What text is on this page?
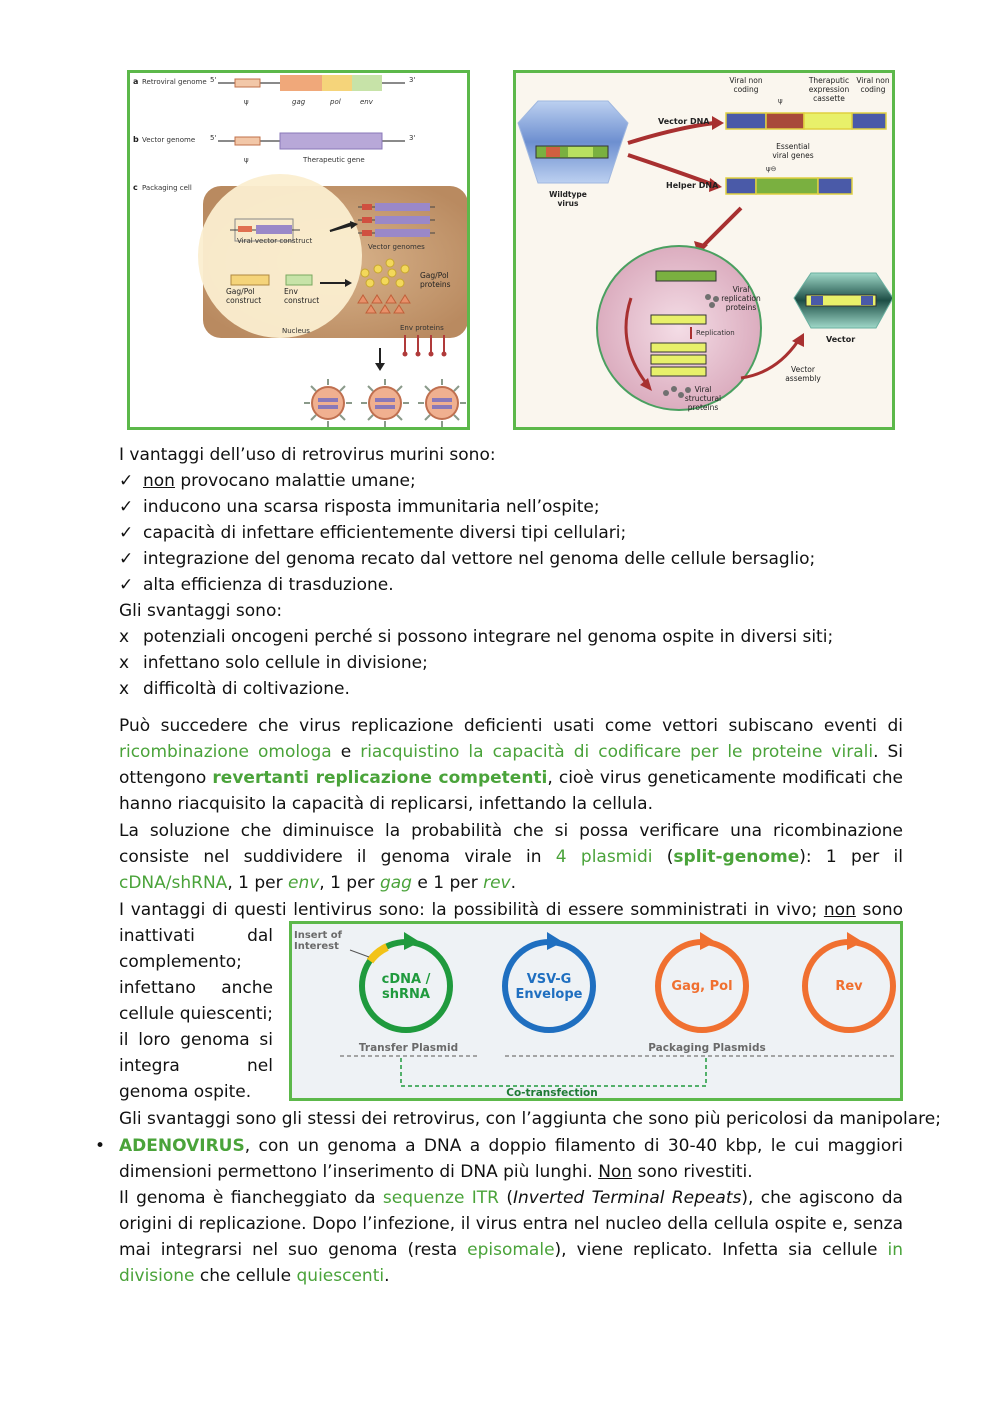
a Retroviral genome 5'	3'
ψ	gag	pol	env
b Vector genome 5'	3'
ψ	Therapeutic gene
c Packaging cell
Viral vector construct
Vector genomes
Gag/Pol construct
Env construct
Gag/Pol proteins
Nucleus	Env proteins
Viral non coding
ψ
Theraputic expression cassette
Viral non coding
Vector DNA
Essential viral genes
ψ⊖
Helper DNA
Wildtype virus
Viral replication proteins
Replication
Vector
Vector assembly
Viral structural proteins
I vantaggi dell’uso di retrovirus murini sono:
✓ non provocano malattie umane;
✓ inducono una scarsa risposta immunitaria nell’ospite;
✓ capacità di infettare efficientemente diversi tipi cellulari;
✓ integrazione del genoma recato dal vettore nel genoma delle cellule bersaglio;
✓ alta efficienza di trasduzione.
Gli svantaggi sono:
x potenziali oncogeni perché si possono integrare nel genoma ospite in diversi siti;
x infettano solo cellule in divisione;
x difficoltà di coltivazione.
Può succedere che virus replicazione deficienti usati come vettori subiscano eventi di ricombinazione omologa e riacquistino la capacità di codificare per le proteine virali. Si ottengono revertanti replicazione competenti, cioè virus geneticamente modificati che hanno riacquisito la capacità di replicarsi, infettando la cellula.
La soluzione che diminuisce la probabilità che si possa verificare una ricombinazione consiste nel suddividere il genoma virale in 4 plasmidi (split-genome): 1 per il cDNA/shRNA, 1 per env, 1 per gag e 1 per rev.
I vantaggi di questi lentivirus sono: la possibilità di essere somministrati in vivo; non sono
inattivati dal
complemento;
infettano anche
cellule quiescenti;
il loro genoma si
integra nel
genoma ospite.
Insert of Interest
cDNA / shRNA
VSV-G Envelope
Gag, Pol	Rev
Transfer Plasmid	Packaging Plasmids
Co-transfection
Gli svantaggi sono gli stessi dei retrovirus, con l’aggiunta che sono più pericolosi da manipolare;
• ADENOVIRUS, con un genoma a DNA a doppio filamento di 30-40 kbp, le cui maggiori dimensioni permettono l’inserimento di DNA più lunghi. Non sono rivestiti.
Il genoma è fiancheggiato da sequenze ITR (Inverted Terminal Repeats), che agiscono da origini di replicazione. Dopo l’infezione, il virus entra nel nucleo della cellula ospite e, senza mai integrarsi nel suo genoma (resta episomale), viene replicato. Infetta sia cellule in divisione che cellule quiescenti.
